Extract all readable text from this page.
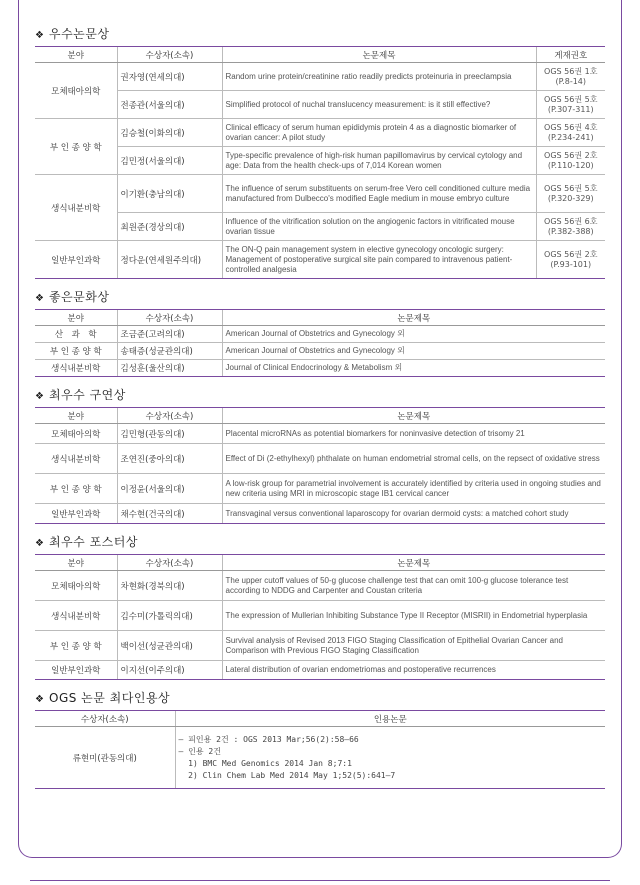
❖ 우수논문상
분야	수상자(소속)	논문제목	게재권호
모체태아의학	권자영(연세의대)	Random urine protein/creatinine ratio readily predicts proteinuria in preeclampsia	OGS 56권 1호
(P.8-14)

	전종관(서울의대)	Simplified protocol of nuchal translucency measurement: is it still effective?	OGS 56권 5호
(P.307-311)

부 인 종 양 학	김승철(이화의대)	Clinical efficacy of serum human epididymis protein 4 as a diagnostic biomarker of ovarian cancer: A pilot study	OGS 56권 4호
(P.234-241)

	김민정(서울의대)	Type-specific prevalence of high-risk human papillomavirus by cervical cytology and age: Data from the health check-ups of 7,014 Korean women	OGS 56권 2호
(P.110-120)

생식내분비학	이기환(충남의대)	The influence of serum substituents on serum-free Vero cell conditioned culture media manufactured from Dulbecco's modified Eagle medium in mouse embryo culture	OGS 56권 5호
(P.320-329)

	최원준(경상의대)	Influence of the vitrification solution on the angiogenic factors in vitrificated mouse ovarian tissue	OGS 56권 6호
(P.382-388)

일반부인과학	정다운(연세원주의대)	The ON-Q pain management system in elective gynecology oncologic surgery: Management of postoperative surgical site pain compared to intravenous patient-controlled analgesia	OGS 56권 2호
(P.93-101)
❖ 좋은문화상
분야	수상자(소속)	논문제목
산　과　학	조금준(고려의대)	American Journal of Obstetrics and Gynecology 외
부 인 종 양 학	송태증(성균관의대)	American Journal of Obstetrics and Gynecology 외
생식내분비학	김성훈(울산의대)	Journal of Clinical Endocrinology & Metabolism 외
❖ 최우수 구연상
분야	수상자(소속)	논문제목
모체태아의학	김민형(관동의대)	Placental microRNAs as potential biomarkers for noninvasive detection of trisomy 21
생식내분비학	조연진(중아의대)	Effect of Di (2-ethylhexyl) phthalate on human endometrial stromal cells, on the repsect of oxidative stress
부 인 종 양 학	이정윤(서울의대)	A low-risk group for parametrial involvement is accurately identified by criteria used in ongoing studies and new criteria using MRI in microscopic stage IB1 cervical cancer
일반부인과학	채수현(건국의대)	Transvaginal versus conventional laparoscopy for ovarian dermoid cysts: a matched cohort study
❖ 최우수 포스터상
분야	수상자(소속)	논문제목
모체태아의학	차현화(경북의대)	The upper cutoff values of 50-g glucose challenge test that can omit 100-g glucose tolerance test according to NDDG and Carpenter and Coustan criteria
생식내분비학	김수미(가톨릭의대)	The expression of Mullerian Inhibiting Substance Type II Receptor (MISRII) in Endometrial hyperplasia
부 인 종 양 학	백이선(성균관의대)	Survival analysis of Revised 2013 FIGO Staging Classification of Epithelial Ovarian Cancer and Comparison with Previous FIGO Staging Classification
일반부인과학	이지선(이주의대)	Lateral distribution of ovarian endometriomas and postoperative recurrences
❖ OGS 논문 최다인용상
수상자(소속)	인용논문
류현미(관동의대)	– 피인용 2건 : OGS 2013 Mar;56(2):58–66
– 인용 2건
1) BMC Med Genomics 2014 Jan 8;7:1
2) Clin Chem Lab Med 2014 May 1;52(5):641–7
